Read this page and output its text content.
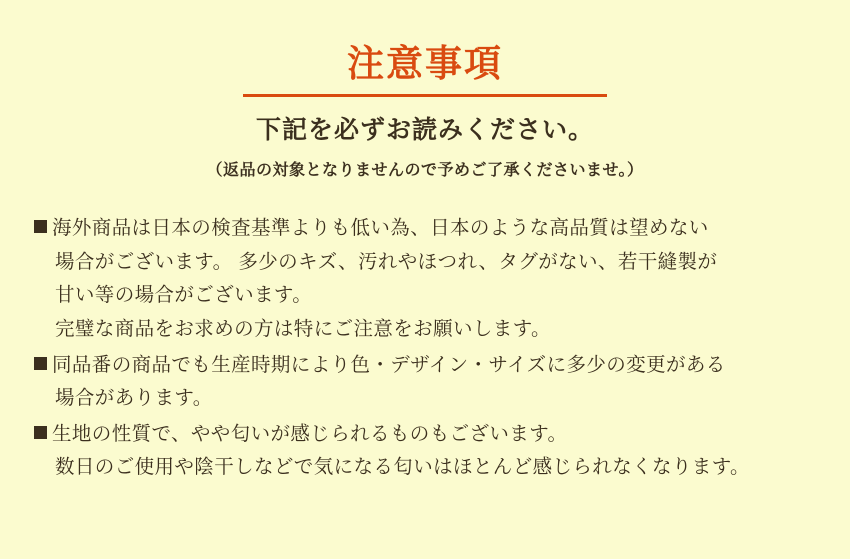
注意事項
下記を必ずお読みください。
（返品の対象となりませんので予めご了承くださいませ。）
海外商品は日本の検査基準よりも低い為、日本のような高品質は望めない
場合がございます。 多少のキズ、汚れやほつれ、タグがない、若干縫製が
甘い等の場合がございます。
完璧な商品をお求めの方は特にご注意をお願いします。
同品番の商品でも生産時期により色・デザイン・サイズに多少の変更がある
場合があります。
生地の性質で、やや匂いが感じられるものもございます。
数日のご使用や陰干しなどで気になる匂いはほとんど感じられなくなります。
